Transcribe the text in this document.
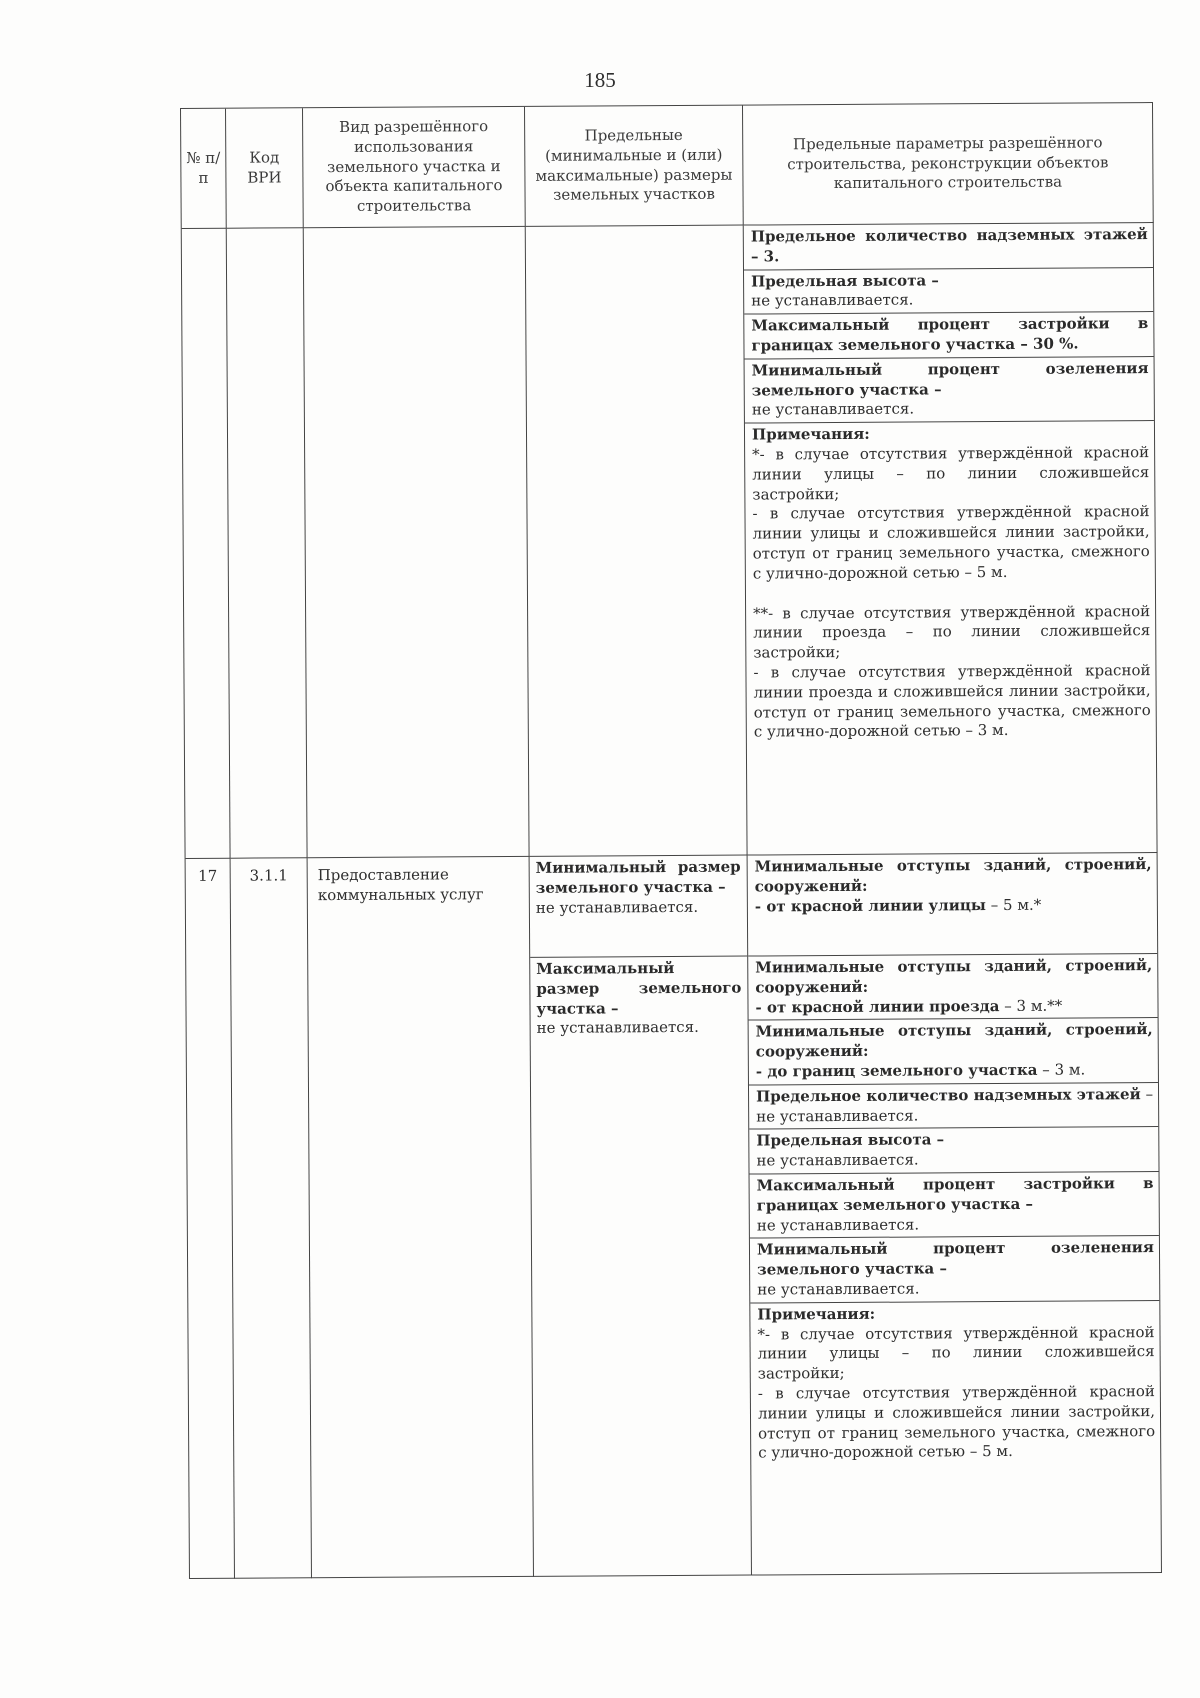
185
№ п/п
Код ВРИ
Вид разрешённого использования земельного участка и объекта капитального строительства
Предельные (минимальные и (или) максимальные) размеры земельных участков
Предельные параметры разрешённого строительства, реконструкции объектов капитального строительства
Предельное количество надземных этажей – 3.
Предельная высота –
не устанавливается.
Максимальный процент застройки в границах земельного участка – 30 %.
Минимальный процент озеленения земельного участка –
не устанавливается.
Примечания:
*- в случае отсутствия утверждённой красной линии улицы – по линии сложившейся застройки;
- в случае отсутствия утверждённой красной линии улицы и сложившейся линии застройки, отступ от границ земельного участка, смежного с улично-дорожной сетью – 5 м.
**- в случае отсутствия утверждённой красной линии проезда – по линии сложившейся застройки;
- в случае отсутствия утверждённой красной линии проезда и сложившейся линии застройки, отступ от границ земельного участка, смежного с улично-дорожной сетью – 3 м.
17	3.1.1	Предоставление коммунальных услуг
Минимальный размер земельного участка –
не устанавливается.
Максимальный размер земельного участка –
не устанавливается.
Минимальные отступы зданий, строений, сооружений:
- от красной линии улицы – 5 м.*
Минимальные отступы зданий, строений, сооружений:
- от красной линии проезда – 3 м.**
Минимальные отступы зданий, строений, сооружений:
- до границ земельного участка – 3 м.
Предельное количество надземных этажей – не устанавливается.
Предельная высота –
не устанавливается.
Максимальный процент застройки в границах земельного участка –
не устанавливается.
Минимальный процент озеленения земельного участка –
не устанавливается.
Примечания:
*- в случае отсутствия утверждённой красной линии улицы – по линии сложившейся застройки;
- в случае отсутствия утверждённой красной линии улицы и сложившейся линии застройки, отступ от границ земельного участка, смежного с улично-дорожной сетью – 5 м.
